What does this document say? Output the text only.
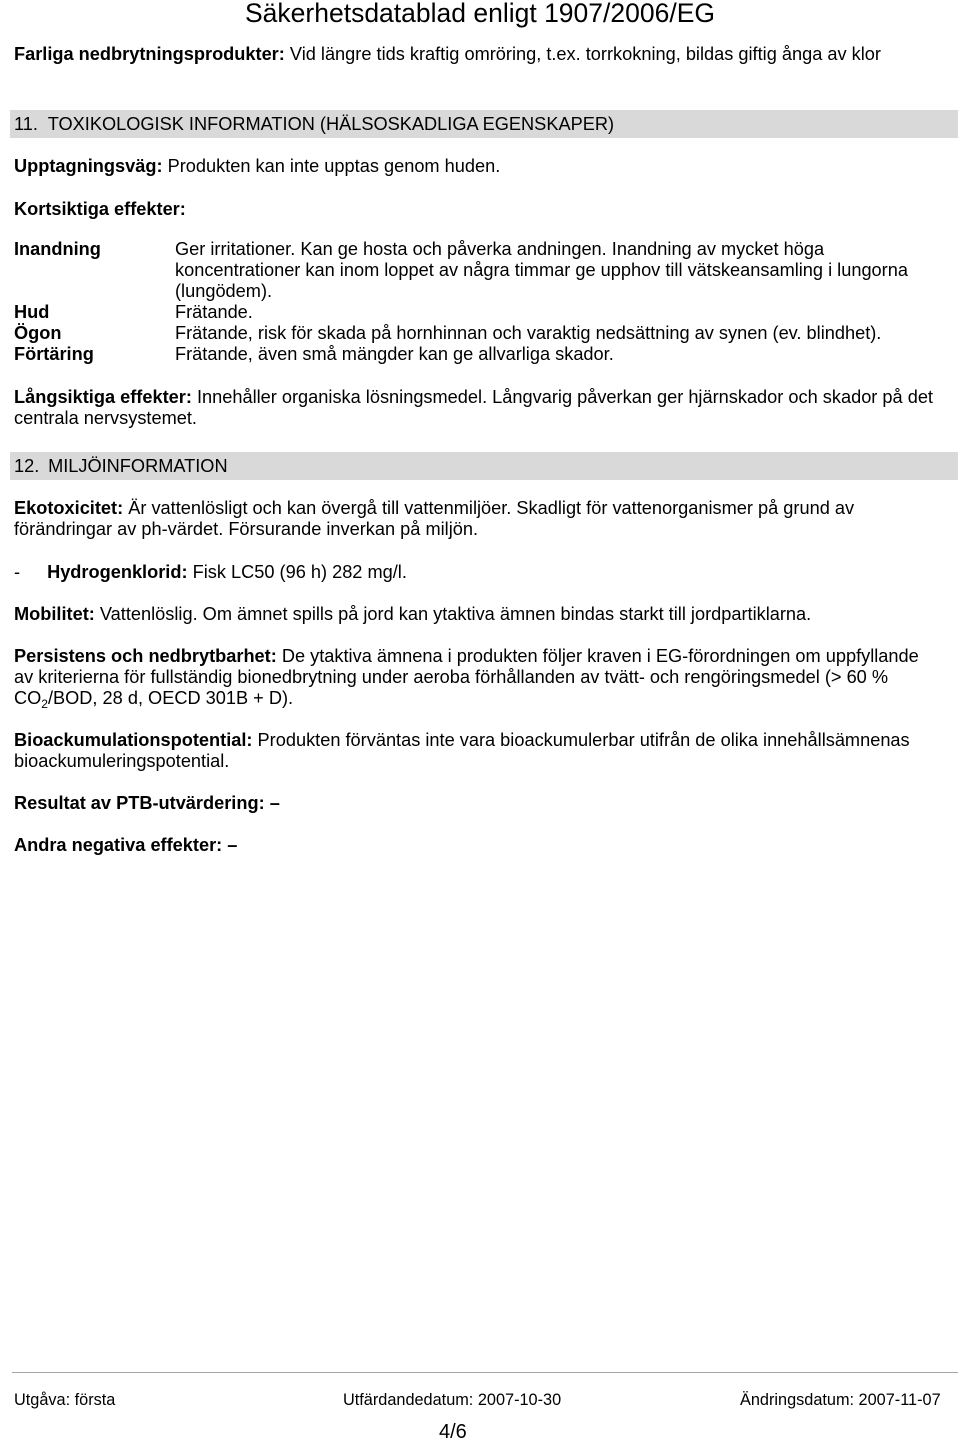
Säkerhetsdatablad enligt 1907/2006/EG
Farliga nedbrytningsprodukter: Vid längre tids kraftig omröring, t.ex. torrkokning, bildas giftig ånga av klor
11. TOXIKOLOGISK INFORMATION (HÄLSOSKADLIGA EGENSKAPER)
Upptagningsväg: Produkten kan inte upptas genom huden.
Kortsiktiga effekter:
Inandning	Ger irritationer. Kan ge hosta och påverka andningen. Inandning av mycket höga
koncentrationer kan inom loppet av några timmar ge upphov till vätskeansamling i lungorna
(lungödem).
Hud	Frätande.
Ögon	Frätande, risk för skada på hornhinnan och varaktig nedsättning av synen (ev. blindhet).
Förtäring	Frätande, även små mängder kan ge allvarliga skador.
Långsiktiga effekter: Innehåller organiska lösningsmedel. Långvarig påverkan ger hjärnskador och skador på det
centrala nervsystemet.
12. MILJÖINFORMATION
Ekotoxicitet: Är vattenlösligt och kan övergå till vattenmiljöer. Skadligt för vattenorganismer på grund av
förändringar av ph-värdet. Försurande inverkan på miljön.
- Hydrogenklorid: Fisk LC50 (96 h) 282 mg/l.
Mobilitet: Vattenlöslig. Om ämnet spills på jord kan ytaktiva ämnen bindas starkt till jordpartiklarna.
Persistens och nedbrytbarhet: De ytaktiva ämnena i produkten följer kraven i EG-förordningen om uppfyllande
av kriterierna för fullständig bionedbrytning under aeroba förhållanden av tvätt- och rengöringsmedel (> 60 %
$CO_2$/BOD, 28 d, OECD 301B + D).
Bioackumulationspotential: Produkten förväntas inte vara bioackumulerbar utifrån de olika innehållsämnenas
bioackumuleringspotential.
Resultat av PTB-utvärdering: –
Andra negativa effekter: –
Utgåva: första	Utfärdandedatum: 2007-10-30	Ändringsdatum: 2007-11-07
4/6
